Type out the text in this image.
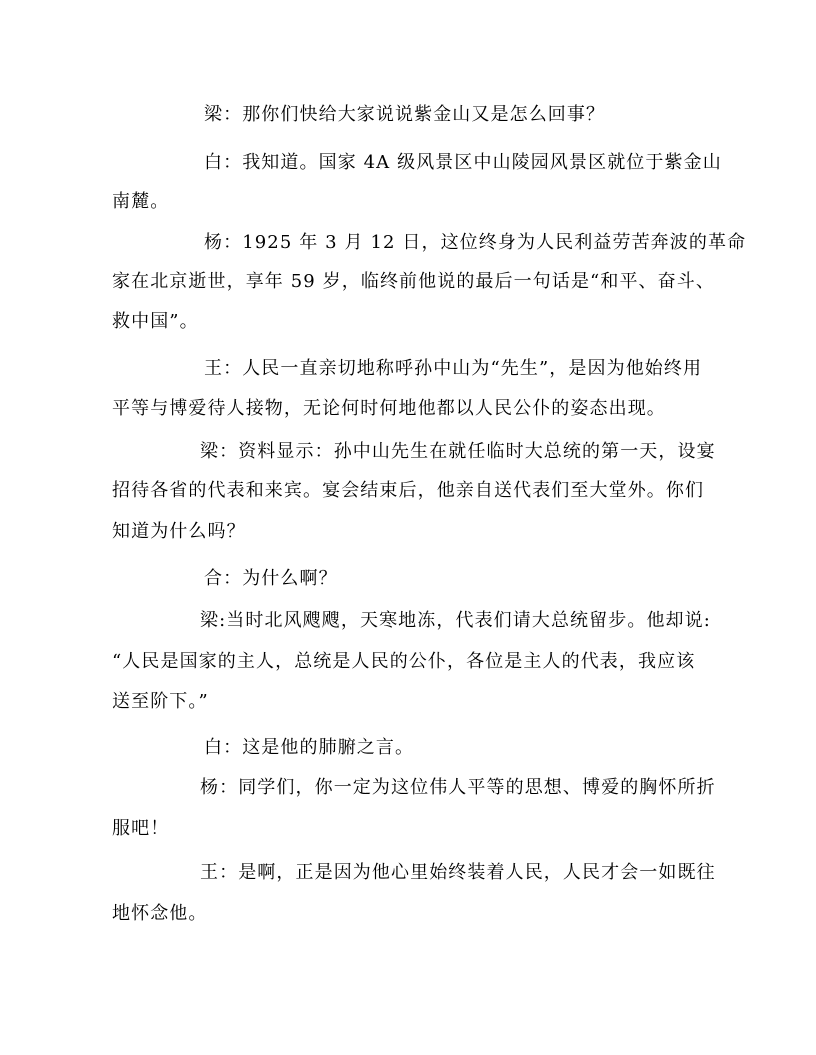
梁：那你们快给大家说说紫金山又是怎么回事？
白：我知道。国家 4A 级风景区中山陵园风景区就位于紫金山
南麓。
杨：1925 年 3 月 12 日，这位终身为人民利益劳苦奔波的革命
家在北京逝世，享年 59 岁，临终前他说的最后一句话是“和平、奋斗、
救中国”。
王：人民一直亲切地称呼孙中山为“先生”，是因为他始终用
平等与博爱待人接物，无论何时何地他都以人民公仆的姿态出现。
梁：资料显示：孙中山先生在就任临时大总统的第一天，设宴
招待各省的代表和来宾。宴会结束后，他亲自送代表们至大堂外。你们
知道为什么吗？
合：为什么啊？
梁:当时北风飕飕，天寒地冻，代表们请大总统留步。他却说:
“人民是国家的主人，总统是人民的公仆，各位是主人的代表，我应该
送至阶下。”
白：这是他的肺腑之言。
杨：同学们，你一定为这位伟人平等的思想、博爱的胸怀所折
服吧！
王：是啊，正是因为他心里始终装着人民，人民才会一如既往
地怀念他。
